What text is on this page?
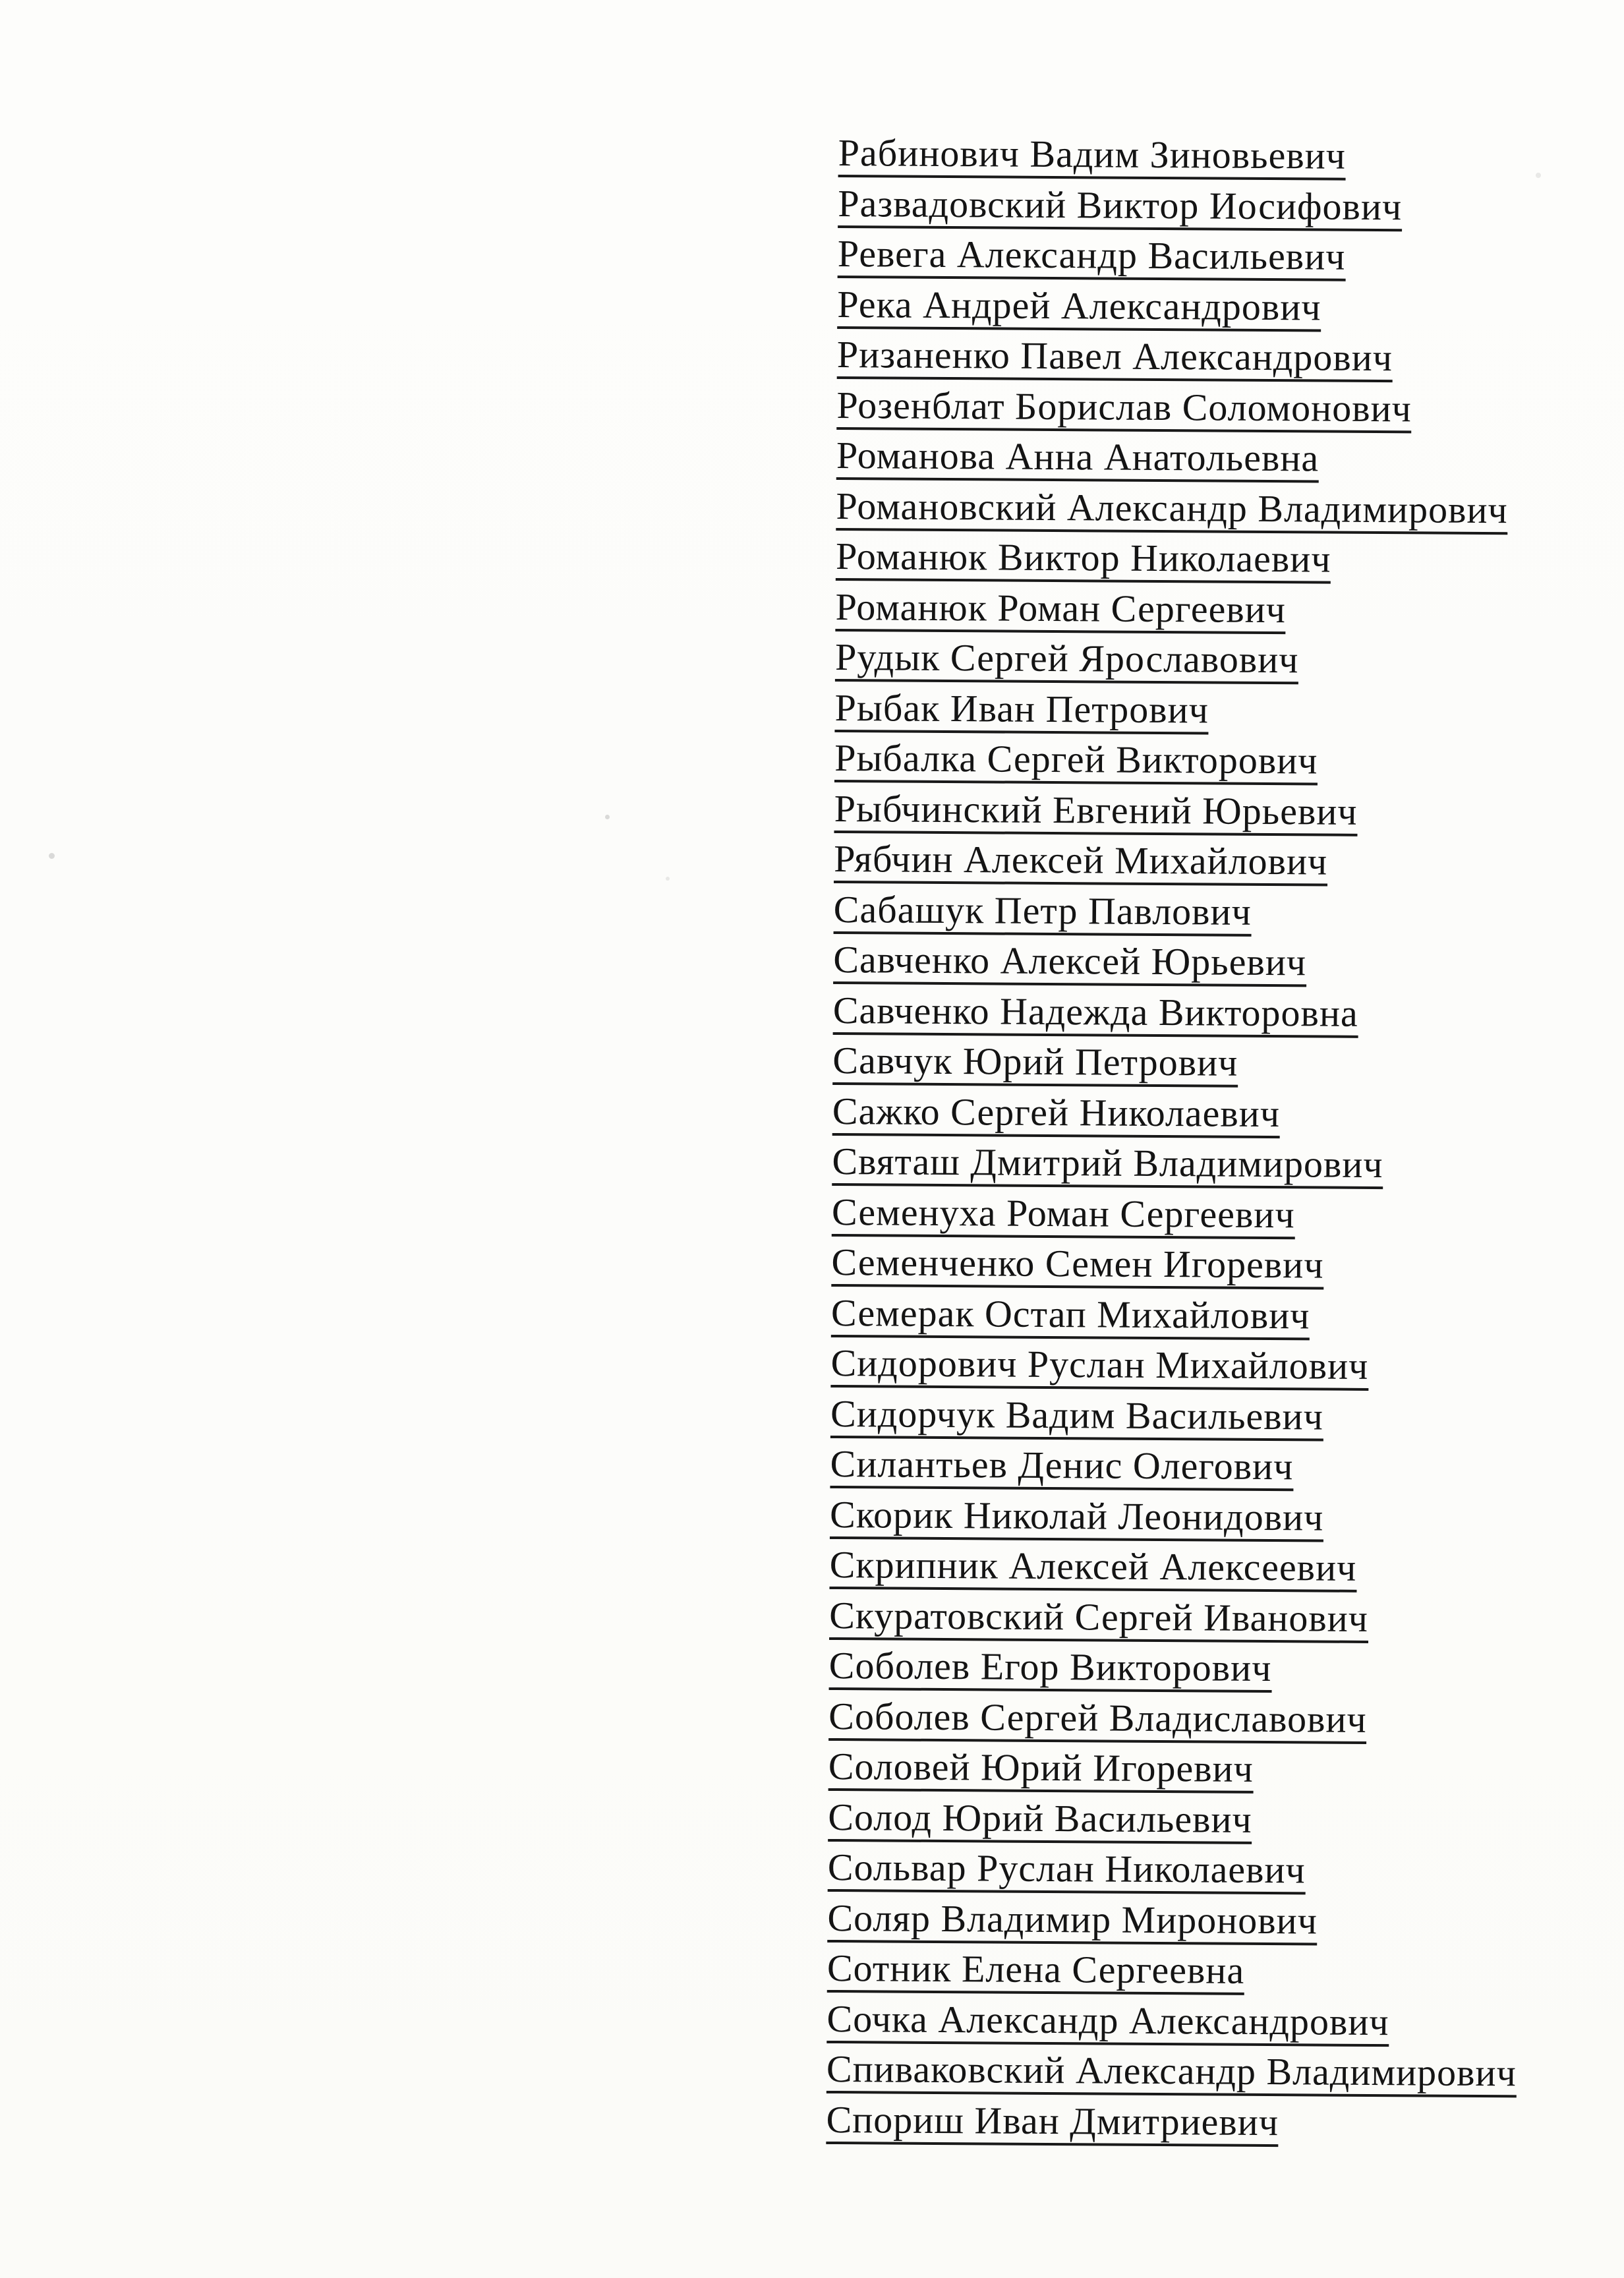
Рабинович Вадим Зиновьевич
Развадовский Виктор Иосифович
Ревега Александр Васильевич
Река Андрей Александрович
Ризаненко Павел Александрович
Розенблат Борислав Соломонович
Романова Анна Анатольевна
Романовский Александр Владимирович
Романюк Виктор Николаевич
Романюк Роман Сергеевич
Рудык Сергей Ярославович
Рыбак Иван Петрович
Рыбалка Сергей Викторович
Рыбчинский Евгений Юрьевич
Рябчин Алексей Михайлович
Сабашук Петр Павлович
Савченко Алексей Юрьевич
Савченко Надежда Викторовна
Савчук Юрий Петрович
Сажко Сергей Николаевич
Святаш Дмитрий Владимирович
Семенуха Роман Сергеевич
Семенченко Семен Игоревич
Семерак Остап Михайлович
Сидорович Руслан Михайлович
Сидорчук Вадим Васильевич
Силантьев Денис Олегович
Скорик Николай Леонидович
Скрипник Алексей Алексеевич
Скуратовский Сергей Иванович
Соболев Егор Викторович
Соболев Сергей Владиславович
Соловей Юрий Игоревич
Солод Юрий Васильевич
Сольвар Руслан Николаевич
Соляр Владимир Миронович
Сотник Елена Сергеевна
Сочка Александр Александрович
Спиваковский Александр Владимирович
Спориш Иван Дмитриевич
